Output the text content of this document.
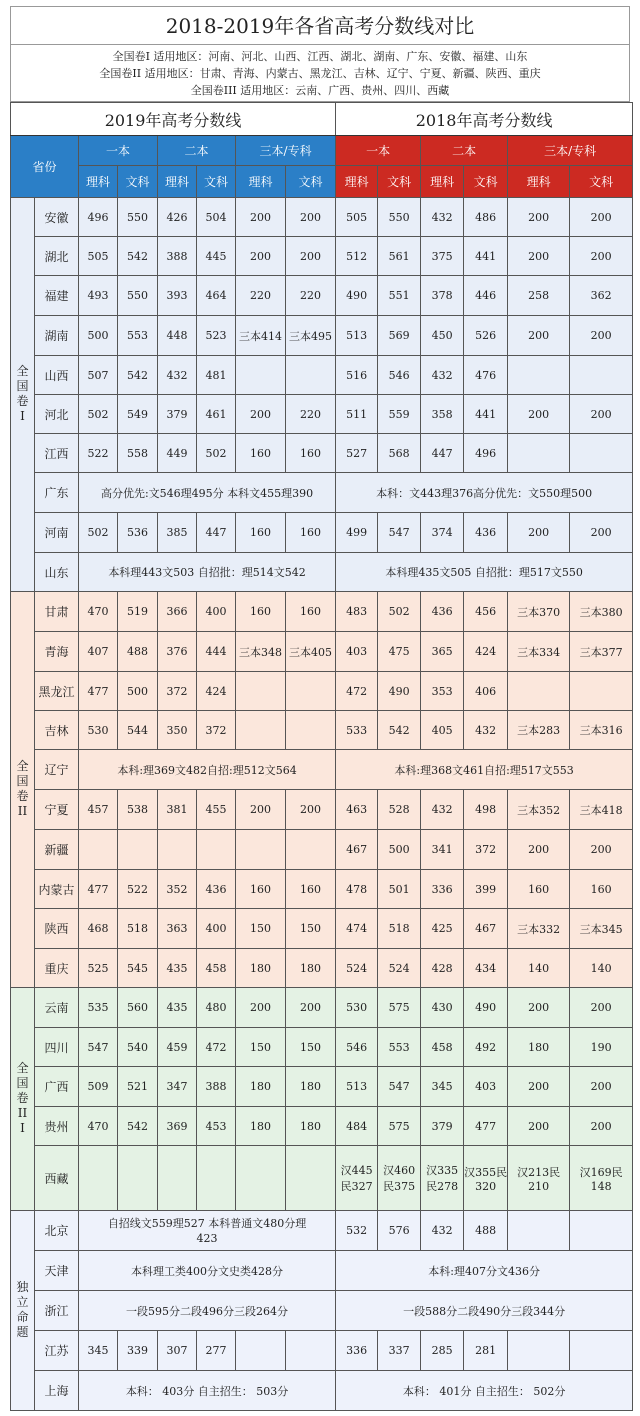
2018-2019年各省高考分数线对比
全国卷I 适用地区：河南、河北、山西、江西、湖北、湖南、广东、安徽、福建、山东
全国卷II 适用地区：甘肃、青海、内蒙古、黑龙江、吉林、辽宁、宁夏、新疆、陕西、重庆
全国卷III 适用地区：云南、广西、贵州、四川、西藏
2019年高考分数线								2018年高考分数线					
省份		一本		二本		三本/专科		一本		二本		三本/专科	
		理科	文科	理科	文科	理科	文科	理科	文科	理科	文科	理科	文科
全国卷I	安徽	496	550	426	504	200	200	505	550	432	486	200	200
	湖北	505	542	388	445	200	200	512	561	375	441	200	200
	福建	493	550	393	464	220	220	490	551	378	446	258	362
	湖南	500	553	448	523	三本414	三本495	513	569	450	526	200	200
	山西	507	542	432	481			516	546	432	476		
	河北	502	549	379	461	200	220	511	559	358	441	200	200
	江西	522	558	449	502	160	160	527	568	447	496		
	广东	高分优先:文546理495分 本科文455理390						本科：文443理376高分优先：文550理500					
	河南	502	536	385	447	160	160	499	547	374	436	200	200
	山东	本科理443文503 自招批：理514文542						本科理435文505 自招批：理517文550					
全国卷II	甘肃	470	519	366	400	160	160	483	502	436	456	三本370	三本380
	青海	407	488	376	444	三本348	三本405	403	475	365	424	三本334	三本377
	黑龙江	477	500	372	424			472	490	353	406		
	吉林	530	544	350	372			533	542	405	432	三本283	三本316
	辽宁	本科:理369文482自招:理512文564						本科:理368文461自招:理517文553					
	宁夏	457	538	381	455	200	200	463	528	432	498	三本352	三本418
	新疆							467	500	341	372	200	200
	内蒙古	477	522	352	436	160	160	478	501	336	399	160	160
	陕西	468	518	363	400	150	150	474	518	425	467	三本332	三本345
	重庆	525	545	435	458	180	180	524	524	428	434	140	140
全国卷III	云南	535	560	435	480	200	200	530	575	430	490	200	200
	四川	547	540	459	472	150	150	546	553	458	492	180	190
	广西	509	521	347	388	180	180	513	547	345	403	200	200
	贵州	470	542	369	453	180	180	484	575	379	477	200	200
	西藏							汉445民327	汉460民375	汉335民278	汉355民320	汉213民210	汉169民148
独立命题	北京	自招线文559理527 本科普通文480分理423						532	576	432	488		
	天津	本科理工类400分文史类428分						本科:理407分文436分					
	浙江	一段595分二段496分三段264分						一段588分二段490分三段344分					
	江苏	345	339	307	277			336	337	285	281		
	上海	本科： 403分 自主招生： 503分						本科： 401分 自主招生： 502分					
